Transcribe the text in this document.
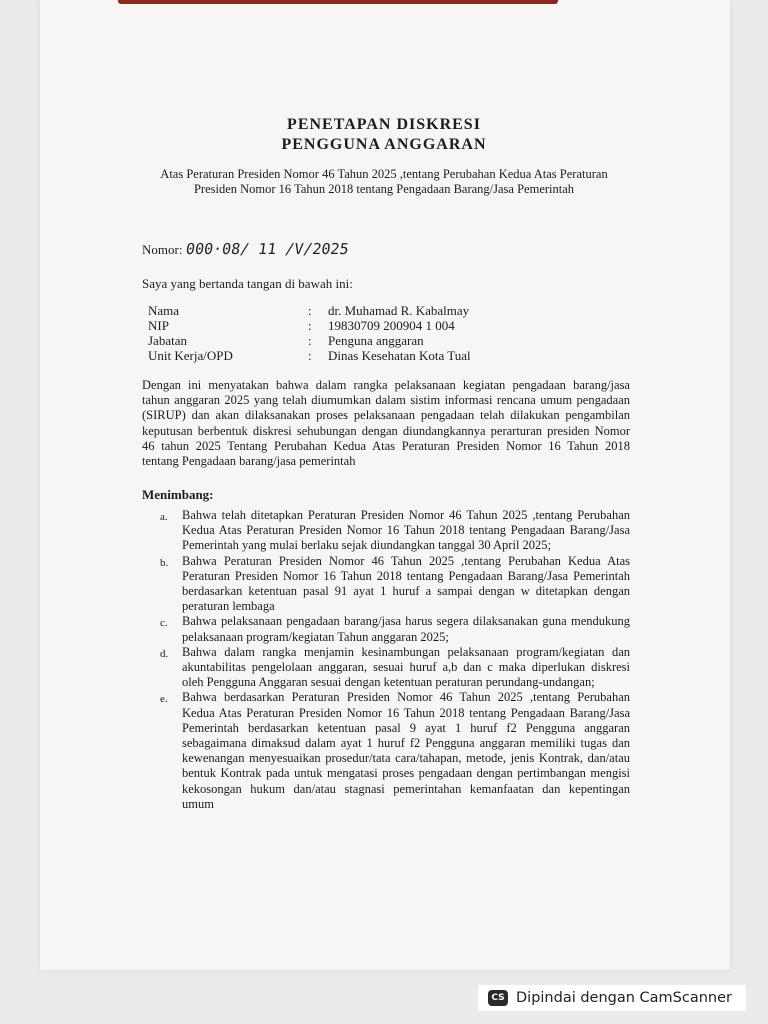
PENETAPAN DISKRESI
PENGGUNA ANGGARAN
Atas Peraturan Presiden Nomor 46 Tahun 2025 ,tentang Perubahan Kedua Atas Peraturan
Presiden Nomor 16 Tahun 2018 tentang Pengadaan Barang/Jasa Pemerintah
Nomor: 000·08/ 11 /V/2025
Saya yang bertanda tangan di bawah ini:
Nama	:	dr. Muhamad R. Kabalmay
NIP	:	19830709 200904 1 004
Jabatan	:	Penguna anggaran
Unit Kerja/OPD	:	Dinas Kesehatan Kota Tual
Dengan ini menyatakan bahwa dalam rangka pelaksanaan kegiatan pengadaan barang/jasa
tahun anggaran 2025 yang telah diumumkan dalam sistim informasi rencana umum pengadaan
(SIRUP) dan akan dilaksanakan proses pelaksanaan pengadaan telah dilakukan pengambilan
keputusan berbentuk diskresi sehubungan dengan diundangkannya perarturan presiden Nomor
46 tahun 2025 Tentang Perubahan Kedua Atas Peraturan Presiden Nomor 16 Tahun 2018
tentang Pengadaan barang/jasa pemerintah
Menimbang:
a. Bahwa telah ditetapkan Peraturan Presiden Nomor 46 Tahun 2025 ,tentang Perubahan
Kedua Atas Peraturan Presiden Nomor 16 Tahun 2018 tentang Pengadaan Barang/Jasa
Pemerintah yang mulai berlaku sejak diundangkan tanggal 30 April 2025;
b. Bahwa Peraturan Presiden Nomor 46 Tahun 2025 ,tentang Perubahan Kedua Atas
Peraturan Presiden Nomor 16 Tahun 2018 tentang Pengadaan Barang/Jasa Pemerintah
berdasarkan ketentuan pasal 91 ayat 1 huruf a sampai dengan w ditetapkan dengan
peraturan lembaga
c. Bahwa pelaksanaan pengadaan barang/jasa harus segera dilaksanakan guna mendukung
pelaksanaan program/kegiatan Tahun anggaran 2025;
d. Bahwa dalam rangka menjamin kesinambungan pelaksanaan program/kegiatan dan
akuntabilitas pengelolaan anggaran, sesuai huruf a,b dan c maka diperlukan diskresi
oleh Pengguna Anggaran sesuai dengan ketentuan peraturan perundang-undangan;
e. Bahwa berdasarkan Peraturan Presiden Nomor 46 Tahun 2025 ,tentang Perubahan
Kedua Atas Peraturan Presiden Nomor 16 Tahun 2018 tentang Pengadaan Barang/Jasa
Pemerintah berdasarkan ketentuan pasal 9 ayat 1 huruf f2 Pengguna anggaran
sebagaimana dimaksud dalam ayat 1 huruf f2 Pengguna anggaran memiliki tugas dan
kewenangan menyesuaikan prosedur/tata cara/tahapan, metode, jenis Kontrak, dan/atau
bentuk Kontrak pada untuk mengatasi proses pengadaan dengan pertimbangan mengisi
kekosongan hukum dan/atau stagnasi pemerintahan kemanfaatan dan kepentingan
umum
CS Dipindai dengan CamScanner
